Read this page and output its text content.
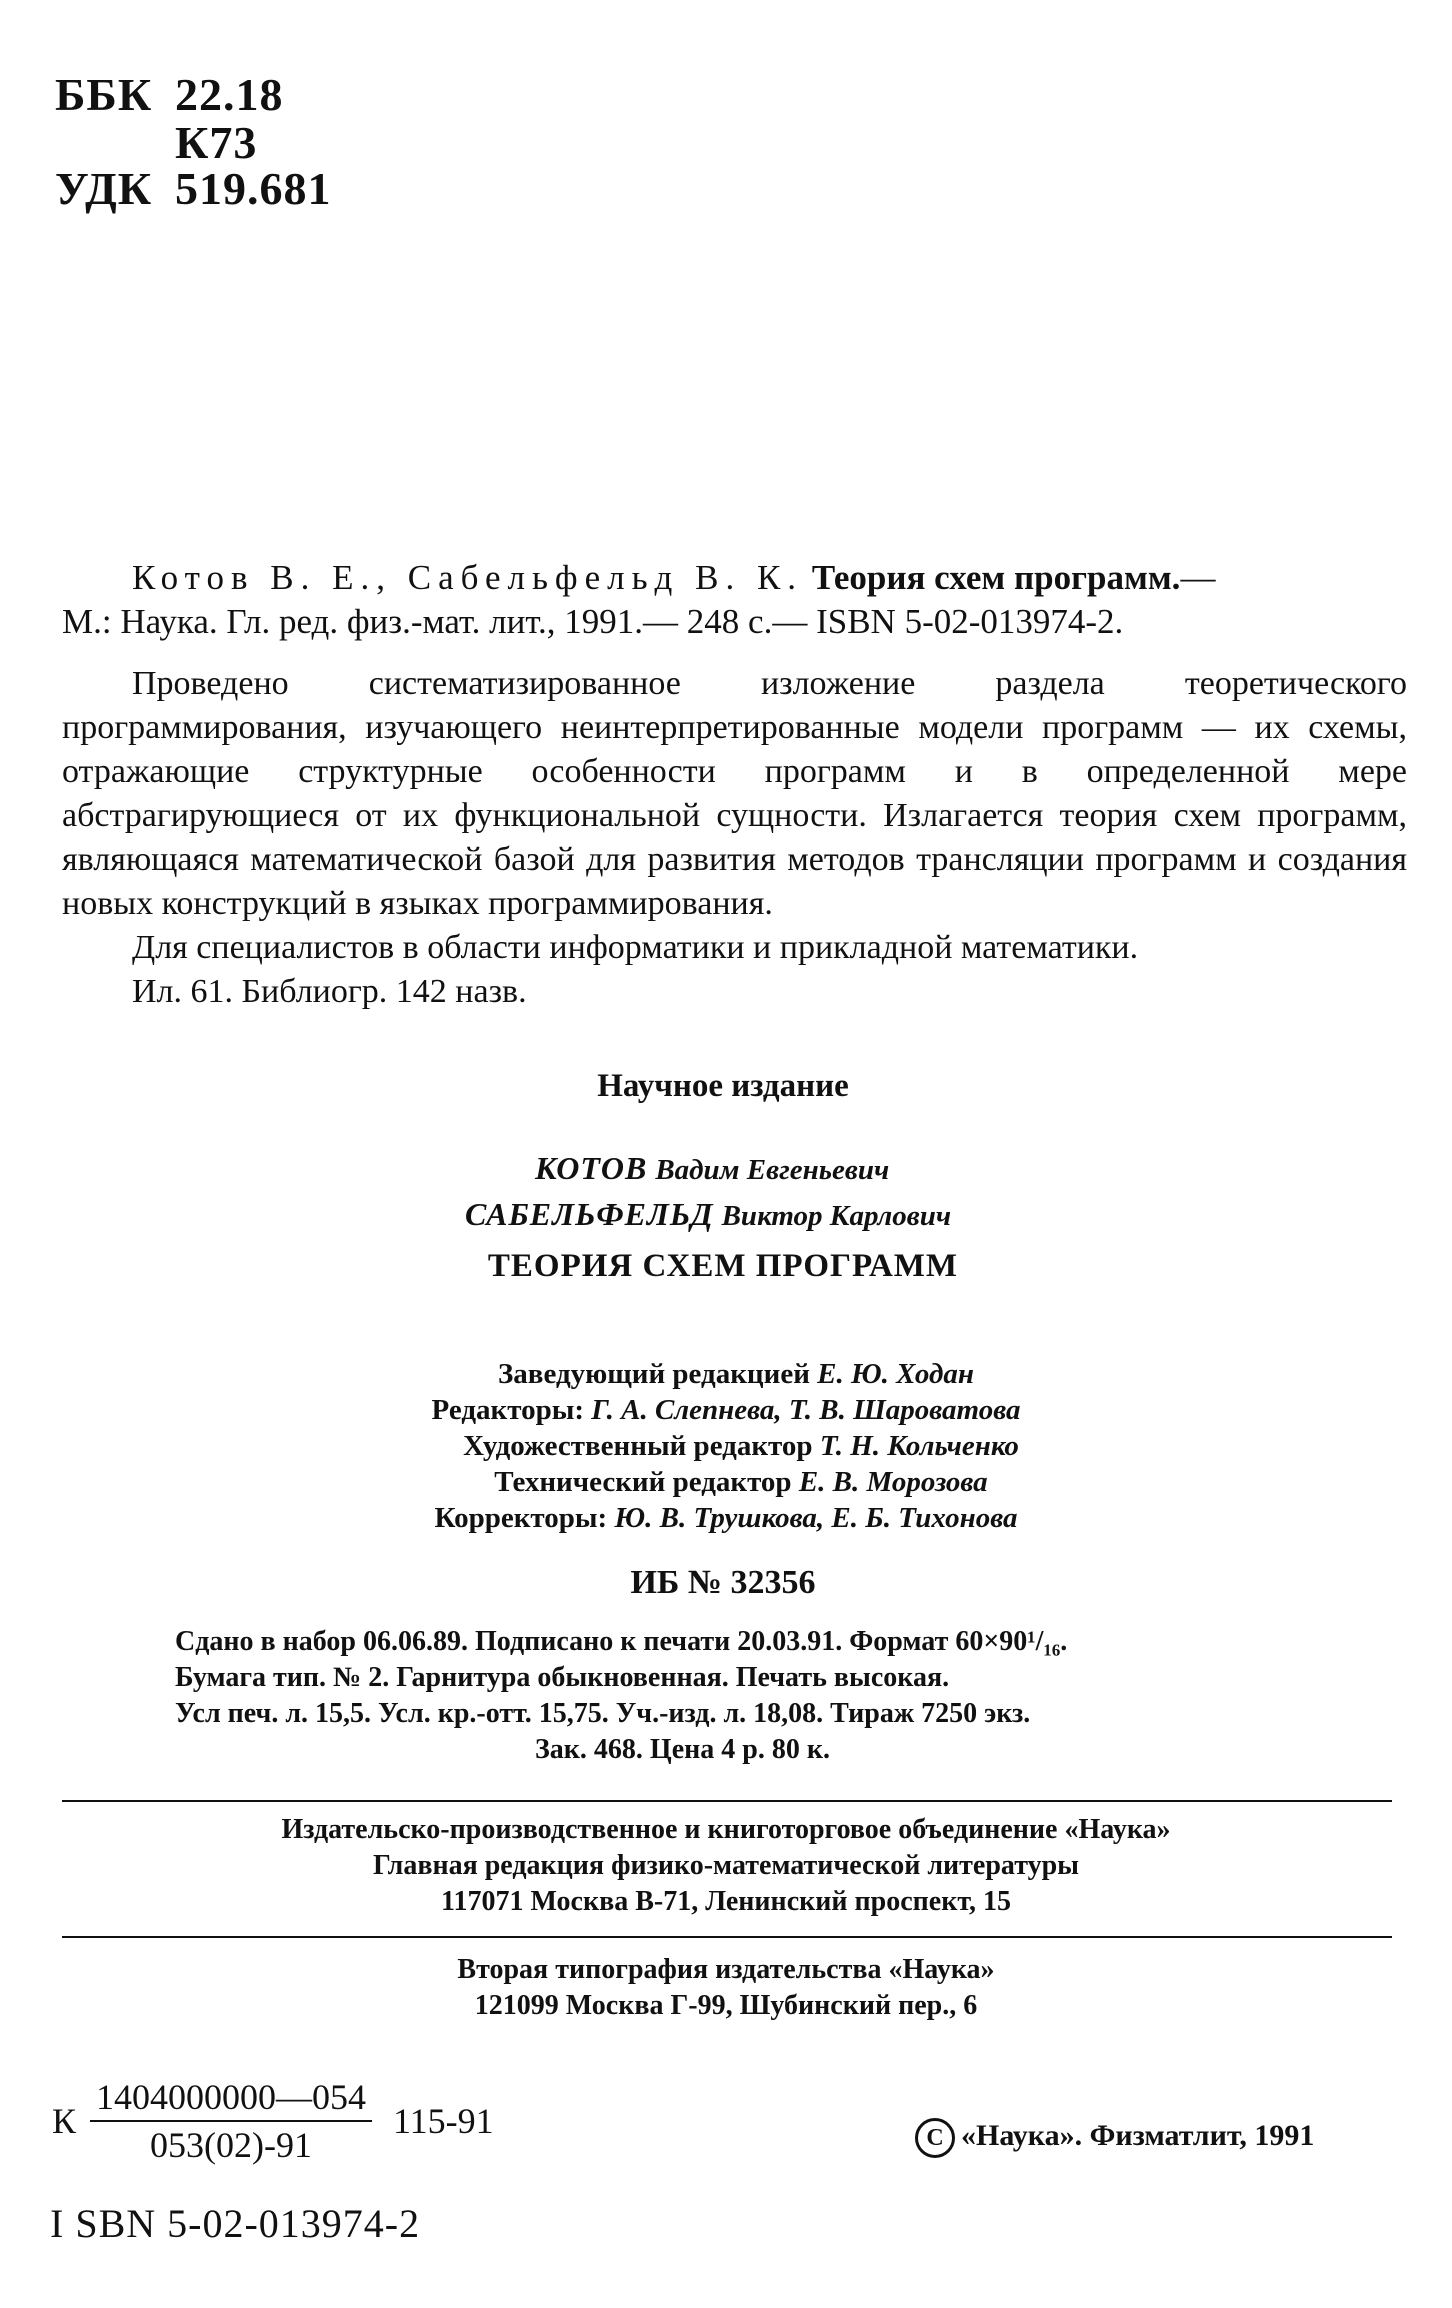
ББК 22.18
К73
УДК 519.681
Котов В. Е., Сабельфельд В. К. Теория схем программ.—
М.: Наука. Гл. ред. физ.-мат. лит., 1991.— 248 с.— ISBN 5-02-013974-2.

Проведено систематизированное изложение раздела теоретического программирования, изучающего неинтерпретированные модели программ — их схемы, отражающие структурные особенности программ и в определенной мере абстрагирующиеся от их функциональной сущности. Излагается теория схем программ, являющаяся математической базой для развития методов трансляции программ и создания новых конструкций в языках программирования.

Для специалистов в области информатики и прикладной математики.

Ил. 61. Библиогр. 142 назв.

Научное издание
КОТОВ Вадим Евгеньевич
САБЕЛЬФЕЛЬД Виктор Карлович
ТЕОРИЯ СХЕМ ПРОГРАММ
Заведующий редакцией Е. Ю. Ходан
Редакторы: Г. А. Слепнева, Т. В. Шароватова
Художественный редактор Т. Н. Кольченко
Технический редактор Е. В. Морозова
Корректоры: Ю. В. Трушкова, Е. Б. Тихонова
ИБ № 32356
Сдано в набор 06.06.89. Подписано к печати 20.03.91. Формат 60×90¹/₁₆.
Бумага тип. № 2. Гарнитура обыкновенная. Печать высокая.
Усл печ. л. 15,5. Усл. кр.-отт. 15,75. Уч.-изд. л. 18,08. Тираж 7250 экз.
Зак. 468. Цена 4 р. 80 к.
Издательско-производственное и книготорговое объединение «Наука»
Главная редакция физико-математической литературы
117071 Москва В-71, Ленинский проспект, 15
Вторая типография издательства «Наука»
121099 Москва Г-99, Шубинский пер., 6
К $\frac{1404000000—054}{053(02)-91} 115-91$	C «Наука». Физматлит, 1991
I SBN 5-02-013974-2
